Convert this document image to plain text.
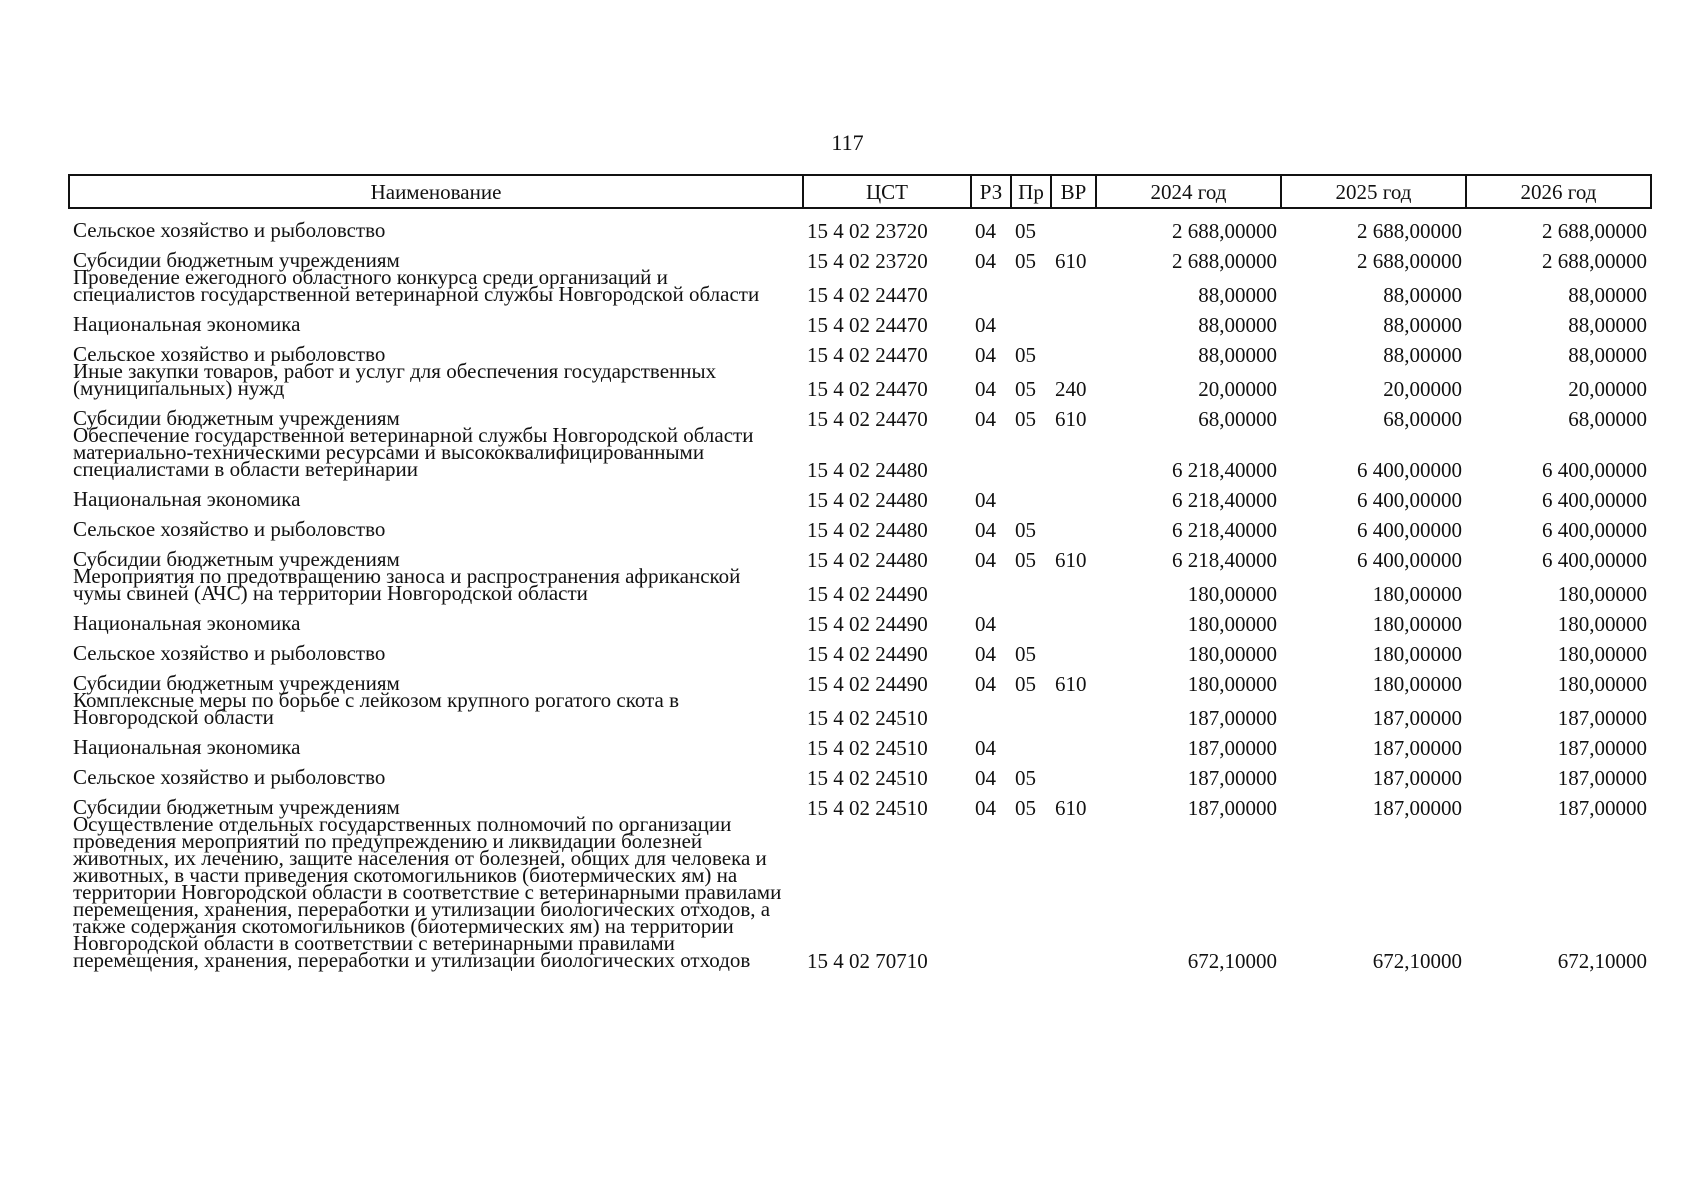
117
Наименование	ЦСТ	РЗ	Пр	ВР	2024 год	2025 год	2026 год
Сельское хозяйство и рыболовство	15 4 02 23720	04	05		2 688,00000	2 688,00000	2 688,00000
Субсидии бюджетным учреждениям	15 4 02 23720	04	05	610	2 688,00000	2 688,00000	2 688,00000
Проведение ежегодного областного конкурса среди организаций и специалистов государственной ветеринарной службы Новгородской области	15 4 02 24470				88,00000	88,00000	88,00000
Национальная экономика	15 4 02 24470	04			88,00000	88,00000	88,00000
Сельское хозяйство и рыболовство	15 4 02 24470	04	05		88,00000	88,00000	88,00000
Иные закупки товаров, работ и услуг для обеспечения государственных (муниципальных) нужд	15 4 02 24470	04	05	240	20,00000	20,00000	20,00000
Субсидии бюджетным учреждениям	15 4 02 24470	04	05	610	68,00000	68,00000	68,00000
Обеспечение государственной ветеринарной службы Новгородской области материально-техническими ресурсами и высококвалифицированными специалистами в области ветеринарии	15 4 02 24480				6 218,40000	6 400,00000	6 400,00000
Национальная экономика	15 4 02 24480	04			6 218,40000	6 400,00000	6 400,00000
Сельское хозяйство и рыболовство	15 4 02 24480	04	05		6 218,40000	6 400,00000	6 400,00000
Субсидии бюджетным учреждениям	15 4 02 24480	04	05	610	6 218,40000	6 400,00000	6 400,00000
Мероприятия по предотвращению заноса и распространения африканской чумы свиней (АЧС) на территории Новгородской области	15 4 02 24490				180,00000	180,00000	180,00000
Национальная экономика	15 4 02 24490	04			180,00000	180,00000	180,00000
Сельское хозяйство и рыболовство	15 4 02 24490	04	05		180,00000	180,00000	180,00000
Субсидии бюджетным учреждениям	15 4 02 24490	04	05	610	180,00000	180,00000	180,00000
Комплексные меры по борьбе с лейкозом крупного рогатого скота в Новгородской области	15 4 02 24510				187,00000	187,00000	187,00000
Национальная экономика	15 4 02 24510	04			187,00000	187,00000	187,00000
Сельское хозяйство и рыболовство	15 4 02 24510	04	05		187,00000	187,00000	187,00000
Субсидии бюджетным учреждениям	15 4 02 24510	04	05	610	187,00000	187,00000	187,00000
Осуществление отдельных государственных полномочий по организации проведения мероприятий по предупреждению и ликвидации болезней животных, их лечению, защите населения от болезней, общих для человека и животных, в части приведения скотомогильников (биотермических ям) на территории Новгородской области в соответствие с ветеринарными правилами перемещения, хранения, переработки и утилизации биологических отходов, а также содержания скотомогильников (биотермических ям) на территории Новгородской области в соответствии с ветеринарными правилами перемещения, хранения, переработки и утилизации биологических отходов	15 4 02 70710				672,10000	672,10000	672,10000
